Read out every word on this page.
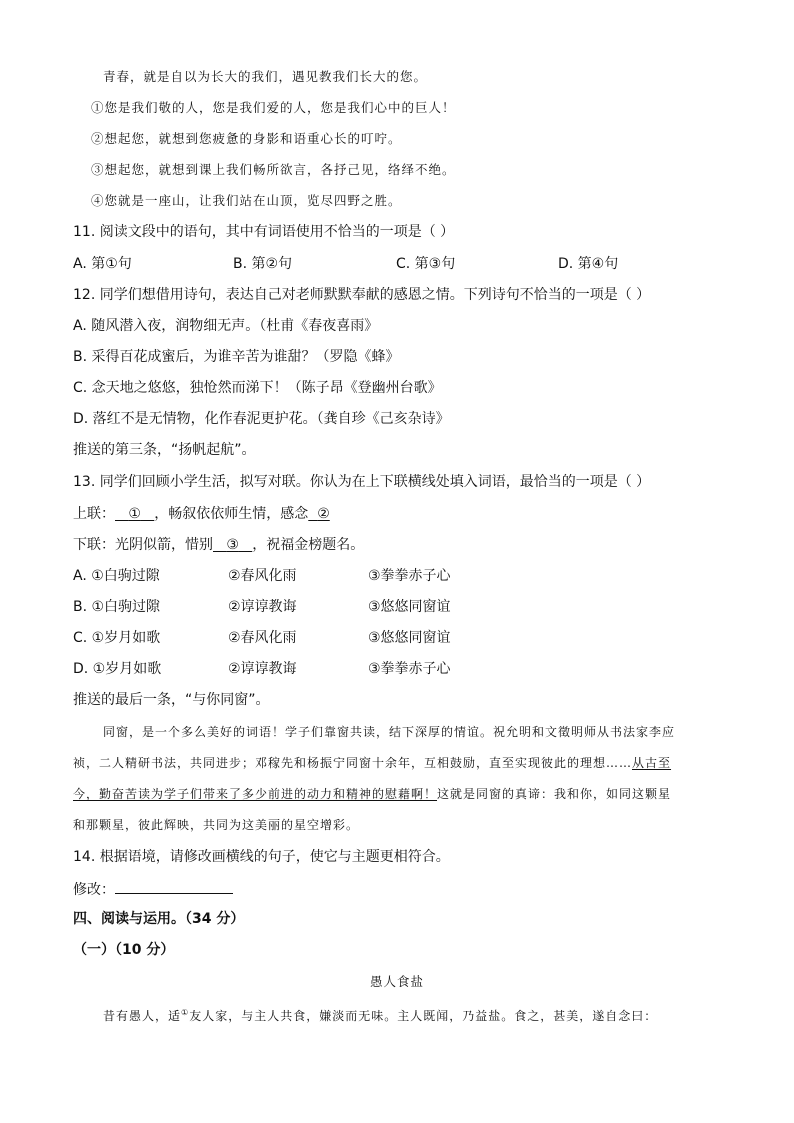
青春，就是自以为长大的我们，遇见教我们长大的您。
①您是我们敬的人，您是我们爱的人，您是我们心中的巨人！
②想起您，就想到您疲惫的身影和语重心长的叮咛。
③想起您，就想到课上我们畅所欲言，各抒己见，络绎不绝。
④您就是一座山，让我们站在山顶，览尽四野之胜。
11. 阅读文段中的语句，其中有词语使用不恰当的一项是（ ）
A. 第①句	B. 第②句	C. 第③句	D. 第④句
12. 同学们想借用诗句，表达自己对老师默默奉献的感恩之情。下列诗句不恰当的一项是（ ）
A. 随风潜入夜，润物细无声。（杜甫《春夜喜雨》
B. 采得百花成蜜后，为谁辛苦为谁甜？（罗隐《蜂》
C. 念天地之悠悠，独怆然而涕下！（陈子昂《登幽州台歌》
D. 落红不是无情物，化作春泥更护花。（龚自珍《己亥杂诗》
推送的第三条，“扬帆起航”。
13. 同学们回顾小学生活，拟写对联。你认为在上下联横线处填入词语，最恰当的一项是（ ）
上联： ① ，畅叙依依师生情，感念 ②
下联：光阴似箭，惜别 ③ ，祝福金榜题名。
A. ①白驹过隙	②春风化雨	③拳拳赤子心
B. ①白驹过隙	②谆谆教诲	③悠悠同窗谊
C. ①岁月如歌	②春风化雨	③悠悠同窗谊
D. ①岁月如歌	②谆谆教诲	③拳拳赤子心
推送的最后一条，“与你同窗”。
同窗，是一个多么美好的词语！学子们靠窗共读，结下深厚的情谊。祝允明和文徵明师从书法家李应
祯，二人精研书法，共同进步；邓稼先和杨振宁同窗十余年，互相鼓励，直至实现彼此的理想……从古至
今，勤奋苦读为学子们带来了多少前进的动力和精神的慰藉啊！这就是同窗的真谛：我和你，如同这颗星
和那颗星，彼此辉映，共同为这美丽的星空增彩。
14. 根据语境，请修改画横线的句子，使它与主题更相符合。
修改：
四、阅读与运用。（34 分）
（一）（10 分）
愚人食盐
昔有愚人，适①友人家，与主人共食，嫌淡而无味。主人既闻，乃益盐。食之，甚美，遂自念曰：
